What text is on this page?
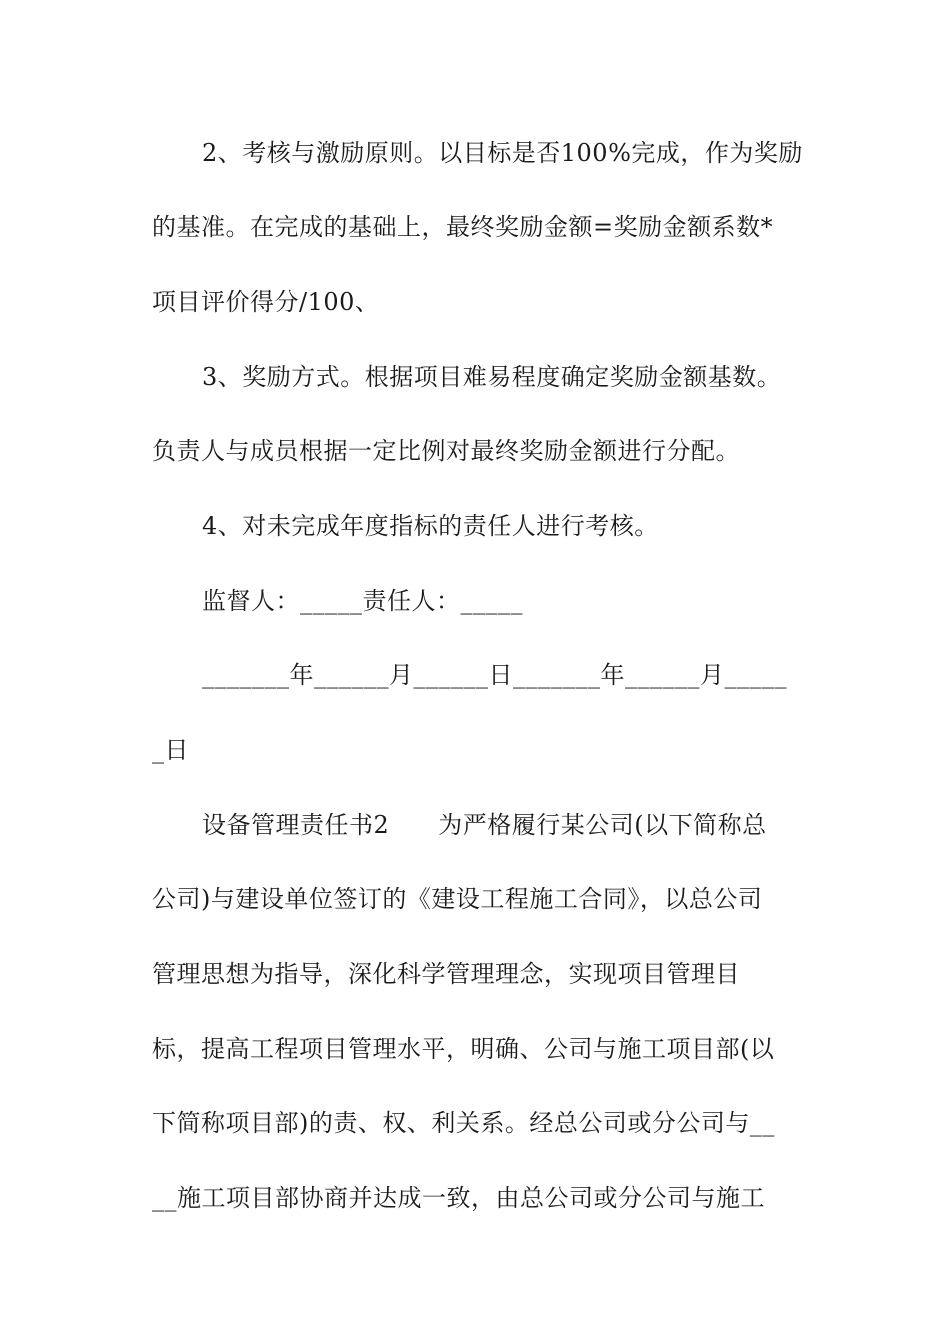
2、考核与激励原则。以目标是否100%完成，作为奖励
的基准。在完成的基础上，最终奖励金额=奖励金额系数*
项目评价得分/100、
3、奖励方式。根据项目难易程度确定奖励金额基数。
负责人与成员根据一定比例对最终奖励金额进行分配。
4、对未完成年度指标的责任人进行考核。
监督人：_____责任人：_____
_______年______月______日_______年______月_____
_日
设备管理责任书2　　为严格履行某公司(以下简称总
公司)与建设单位签订的《建设工程施工合同》，以总公司
管理思想为指导，深化科学管理理念，实现项目管理目
标，提高工程项目管理水平，明确、公司与施工项目部(以
下简称项目部)的责、权、利关系。经总公司或分公司与__
__施工项目部协商并达成一致，由总公司或分公司与施工
